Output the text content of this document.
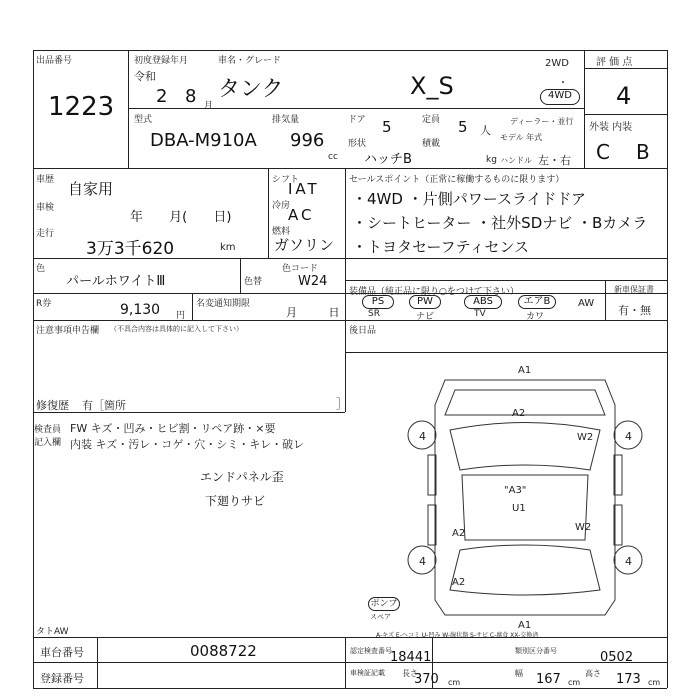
出品番号
1223
初度登録年月	車名・グレード
令和
2 8 月
タンク	X_S
2WD
・
4WD
評 価 点
4
外装 内装
C B
型式
DBA-M910A
排気量
996
cc
ドア 5	定員 5 人
形状
ハッチB
積載
kg
ディーラー・並行
モデル 年式
ハンドル 左・右
車歴 自家用
車検
年 月( 日)
走行
3万3千620	km
シフト
IAT
冷房
AC
燃料
ガソリン
セールスポイント（正常に稼働するものに限ります）
・4WD ・片側パワースライドドア
・シートヒーター ・社外SDナビ ・Bカメラ
・トヨタセーフティセンス
色
パールホワイトⅢ
色コード
色替	W24
装備品（純正品に限り○をつけて下さい）
PS	PW	ABS	エアB
SR	ナビ	TV	カワ
AW
新車保証書
有・無
R券	9,130 円
名変通知期限
月 日
注意事項申告欄 （不具合内容は具体的に記入して下さい）	後日品
修復歴 有［箇所	］
検査員
記入欄
FW キズ・凹み・ヒビ割・リペア跡・×要
内装 キズ・汚レ・コゲ・穴・シミ・キレ・破レ
エンドパネル歪
下廻りサビ
A1
A2
4	4
W2
"A3"
U1
A2
W2
4	4
A2
A1
ポンプ
スペア
A-キズ E-ヘコミ U-凹み W-線状傷 S-サビ C-腐食 XX-交換済
タトAW
車台番号	0088722
登録番号
認定検査番号
18441	類別区分番号	0502
車検証記載 長さ
370 cm
幅 167 cm
高さ 173 cm
